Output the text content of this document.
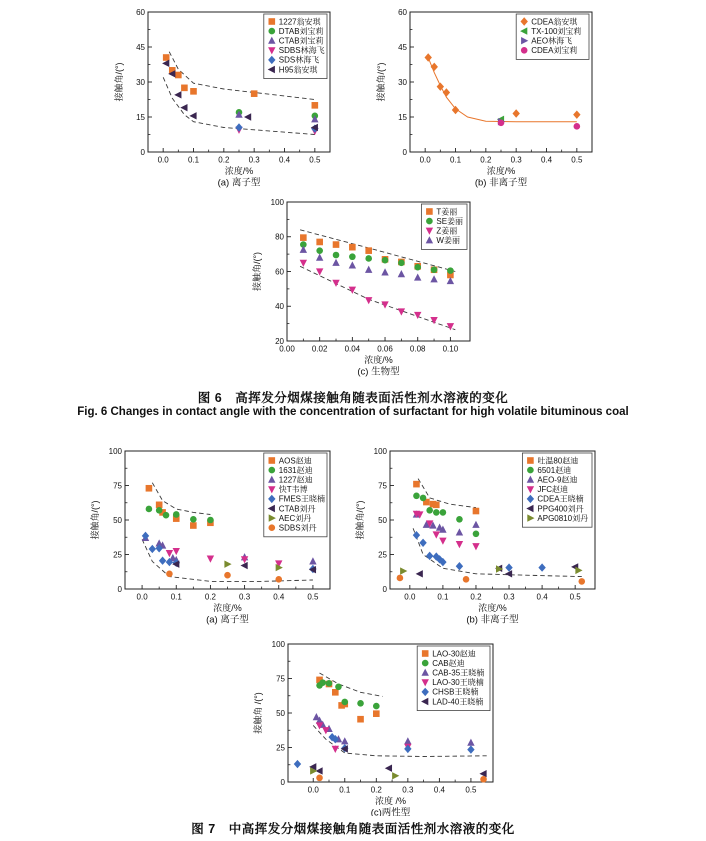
0.0 0.1 0.2 0.3 0.4 0.5
0
15
30
45
60
浓度/%
(a) 离子型
接触角/(°)
1227翁安琪
DTAB刘宝莉
CTAB刘宝莉
SDBS林海飞
SDS林海飞
H95翁安琪
0.0 0.1 0.2 0.3 0.4 0.5
0
15
30
45
60
浓度/%
(b) 非离子型
接触角/(°)
CDEA翁安琪
TX-100刘宝莉
AEO林海飞
CDEA刘宝莉
0.00 0.02 0.04 0.06 0.08 0.10
20
40
60
80
100
浓度/%
(c) 生物型
接触角/(°)
T姜丽
SE姜丽
Z姜丽
W姜丽
图 6　高挥发分烟煤接触角随表面活性剂水溶液的变化
Fig. 6 Changes in contact angle with the concentration of surfactant for high volatile bituminous coal
0.0	0.1	0.2	0.3	0.4	0.5
0
25
50
75
100
浓度/%
(a) 离子型
接触角/(°)
AOS赵迪
1631赵迪
1227赵迪
快T韦博
FMES王晓楠
CTAB刘丹
AEC刘丹
SDBS刘丹
0.0	0.1	0.2	0.3	0.4	0.5
0
25
50
75
100
浓度/%
(b) 非离子型
接触角/(°)
吐温80赵迪
6501赵迪
AEO-9赵迪
JFC赵迪
CDEA王晓楠
PPG400刘丹
APG0810刘丹
0.0	0.1	0.2	0.3	0.4	0.5
0
25
50
75
100
浓度 /%
(c)两性型
接触角 /(°)
LAO-30赵迪
CAB赵迪
CAB-35王晓楠
LAO-30王晓楠
CHSB王晓楠
LAD-40王晓楠
图 7　中高挥发分烟煤接触角随表面活性剂水溶液的变化
